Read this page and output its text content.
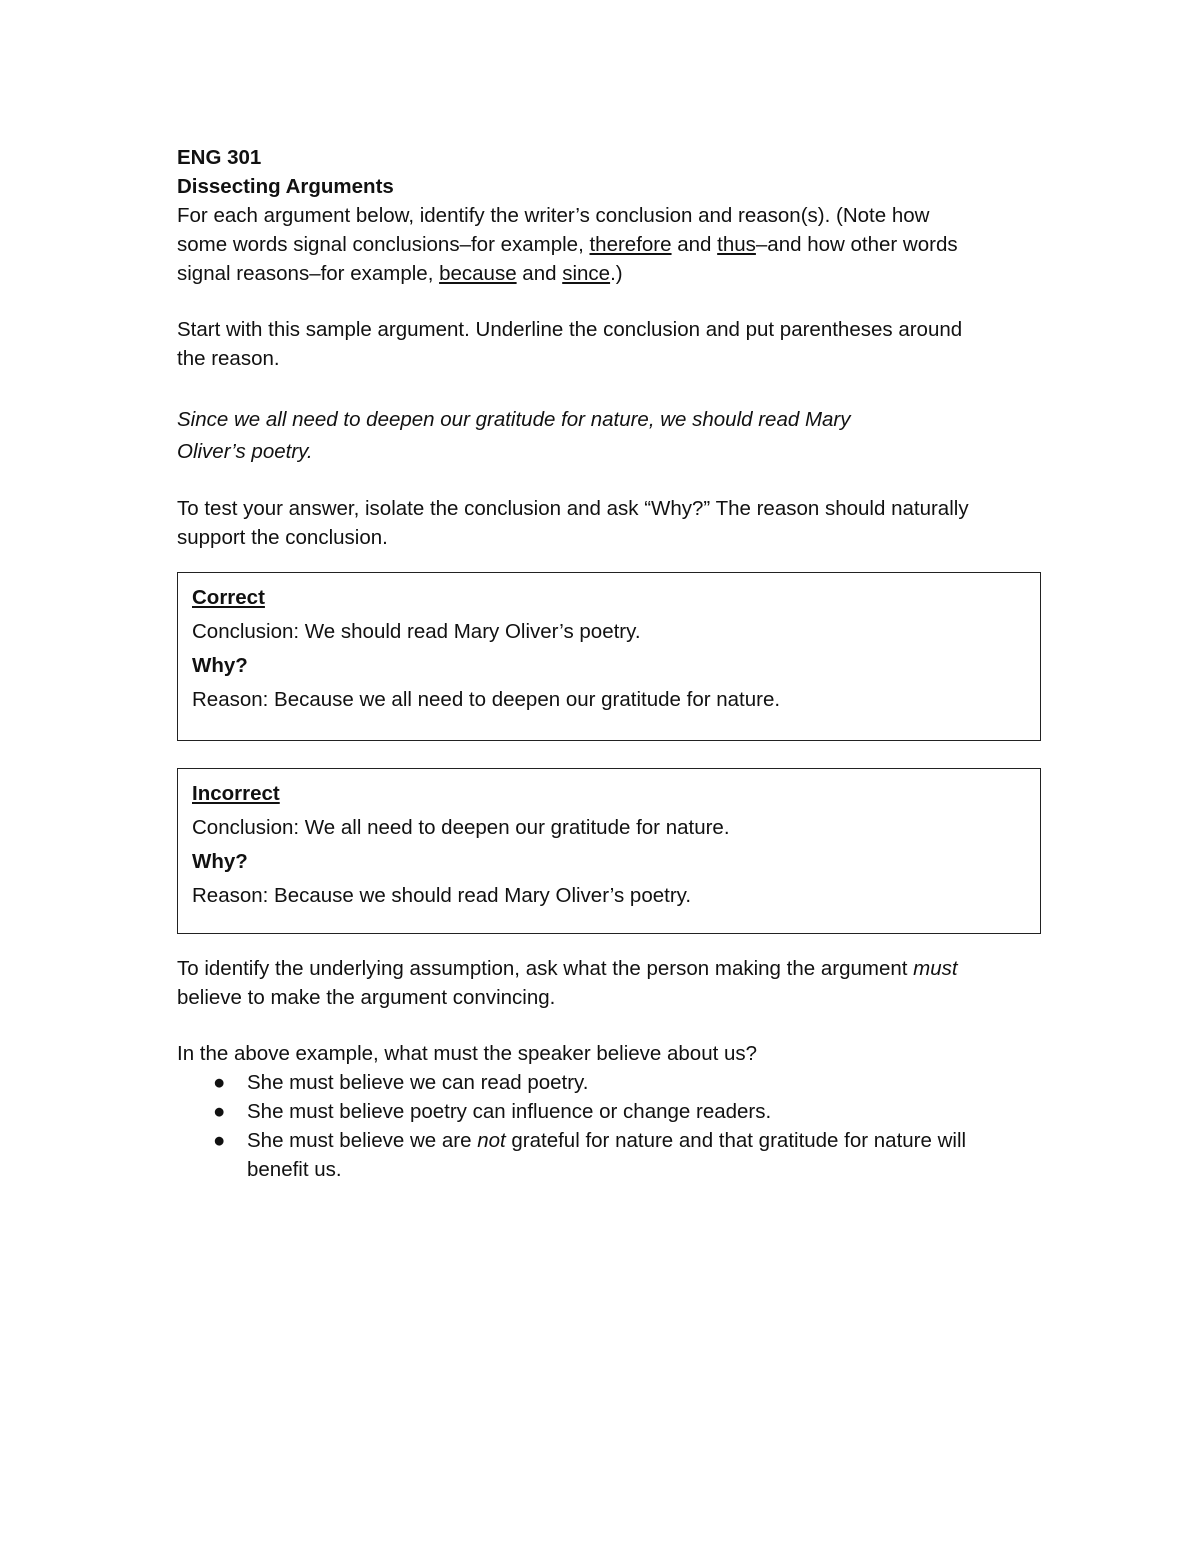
ENG 301
Dissecting Arguments
For each argument below, identify the writer’s conclusion and reason(s). (Note how
some words signal conclusions–for example, therefore and thus–and how other words
signal reasons–for example, because and since.)
Start with this sample argument. Underline the conclusion and put parentheses around
the reason.
Since we all need to deepen our gratitude for nature, we should read Mary
Oliver’s poetry.
To test your answer, isolate the conclusion and ask “Why?” The reason should naturally
support the conclusion.
Correct
Conclusion: We should read Mary Oliver’s poetry.
Why?
Reason: Because we all need to deepen our gratitude for nature.
Incorrect
Conclusion: We all need to deepen our gratitude for nature.
Why?
Reason: Because we should read Mary Oliver’s poetry.
To identify the underlying assumption, ask what the person making the argument must
believe to make the argument convincing.
In the above example, what must the speaker believe about us?
● She must believe we can read poetry.
● She must believe poetry can influence or change readers.
● She must believe we are not grateful for nature and that gratitude for nature will
benefit us.
